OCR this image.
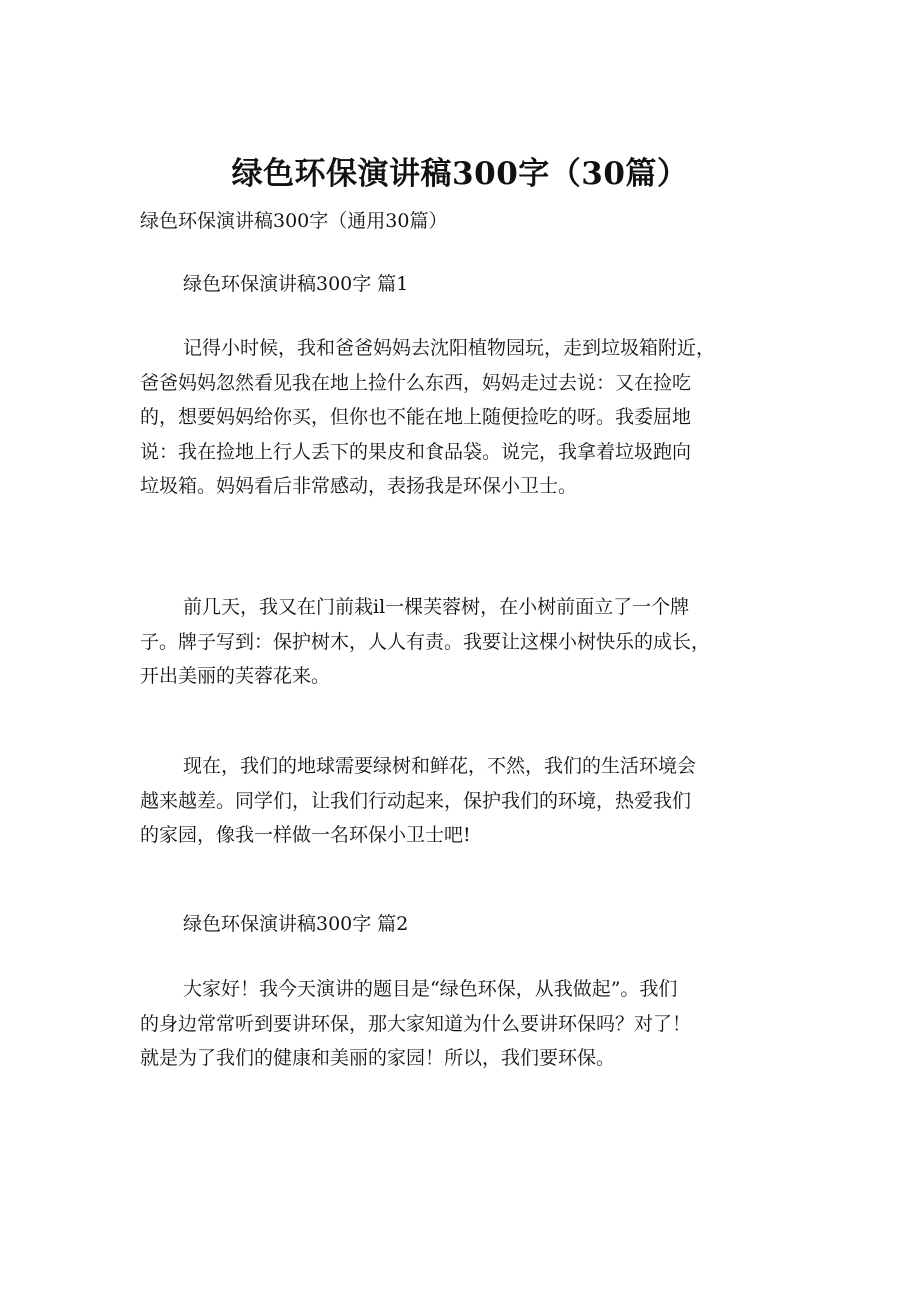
绿色环保演讲稿300字（30篇）
绿色环保演讲稿300字（通用30篇）
绿色环保演讲稿300字 篇1
记得小时候，我和爸爸妈妈去沈阳植物园玩，走到垃圾箱附近，
爸爸妈妈忽然看见我在地上捡什么东西，妈妈走过去说：又在捡吃
的，想要妈妈给你买，但你也不能在地上随便捡吃的呀。我委屈地
说：我在捡地上行人丢下的果皮和食品袋。说完，我拿着垃圾跑向
垃圾箱。妈妈看后非常感动，表扬我是环保小卫士。
前几天，我又在门前栽il一棵芙蓉树，在小树前面立了一个牌
子。牌子写到：保护树木，人人有责。我要让这棵小树快乐的成长，
开出美丽的芙蓉花来。
现在，我们的地球需要绿树和鲜花，不然，我们的生活环境会
越来越差。同学们，让我们行动起来，保护我们的环境，热爱我们
的家园，像我一样做一名环保小卫士吧!
绿色环保演讲稿300字 篇2
大家好！我今天演讲的题目是“绿色环保，从我做起”。我们
的身边常常听到要讲环保，那大家知道为什么要讲环保吗？对了！
就是为了我们的健康和美丽的家园！所以，我们要环保。
